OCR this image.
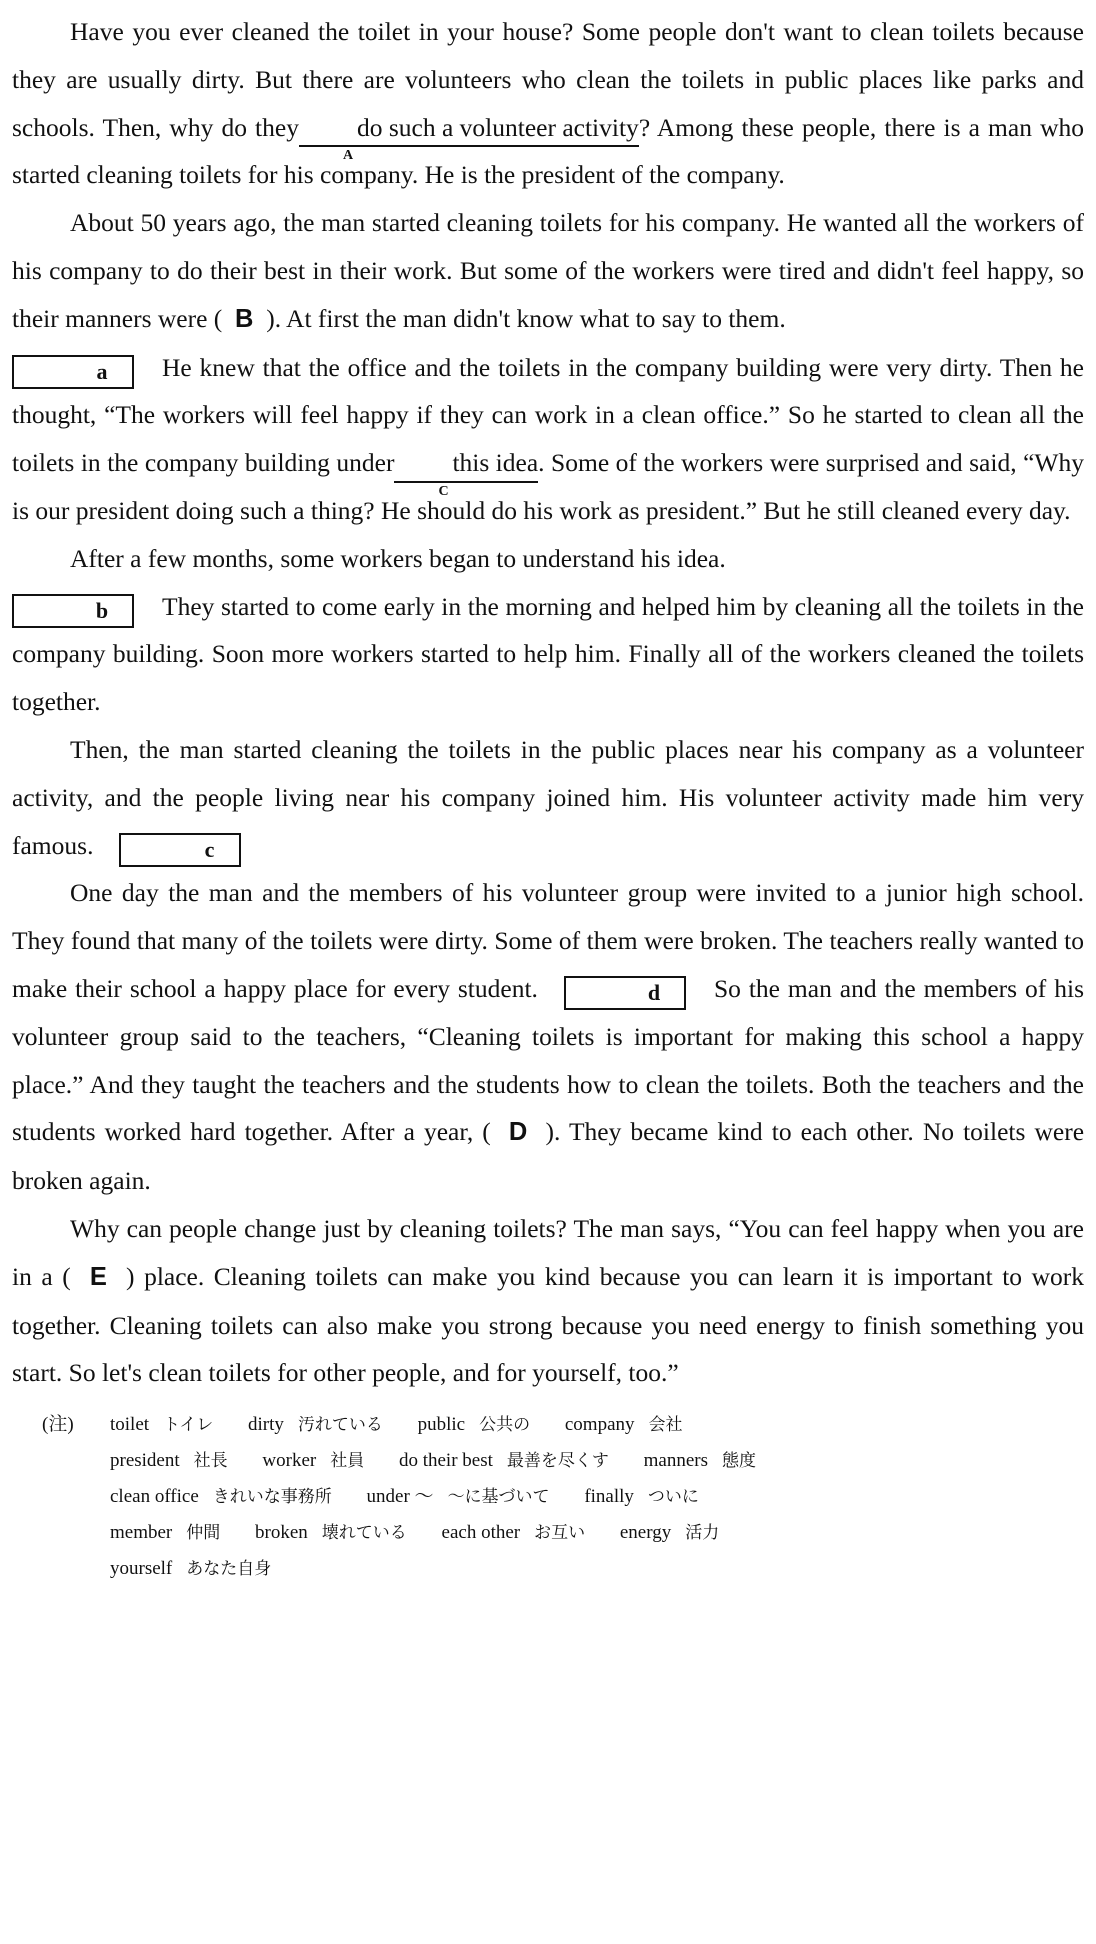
Have you ever cleaned the toilet in your house? Some people don't want to clean toilets because they are usually dirty. But there are volunteers who clean the toilets in public places like parks and schools. Then, why do they
A
do such a volunteer activity? Among these people, there is a man who started cleaning toilets for his company. He is the president of the company.

About 50 years ago, the man started cleaning toilets for his company. He wanted all the workers of his company to do their best in their work. But some of the workers were tired and didn't feel happy, so their manners were ( B ). At first the man didn't know what to say to them.
a He knew that the office and the toilets in the company building were very dirty. Then he thought, “The workers will feel happy if they can work in a clean office.” So he started to clean all the toilets in the company building under
C
this idea. Some of the workers were surprised and said, “Why is our president doing such a thing? He should do his work as president.” But he still cleaned every day.

After a few months, some workers began to understand his idea.
b They started to come early in the morning and helped him by cleaning all the toilets in the company building. Soon more workers started to help him. Finally all of the workers cleaned the toilets together.

Then, the man started cleaning the toilets in the public places near his company as a volunteer activity, and the people living near his company joined him. His volunteer activity made him very famous.	c

One day the man and the members of his volunteer group were invited to a junior high school. They found that many of the toilets were dirty. Some of them were broken. The teachers really wanted to make their school a happy place for every student.	d So the man and the members of his volunteer group said to the teachers, “Cleaning toilets is important for making this school a happy place.” And they taught the teachers and the students how to clean the toilets. Both the teachers and the students worked hard together. After a year, ( D ). They became kind to each other. No toilets were broken again.

Why can people change just by cleaning toilets? The man says, “You can feel happy when you are in a ( E ) place. Cleaning toilets can make you kind because you can learn it is important to work together. Cleaning toilets can also make you strong because you need energy to finish something you start. So let's clean toilets for other people, and for yourself, too.”

(注) toilet トイレ dirty 汚れている public 公共の company 会社
president 社長 worker 社員 do their best 最善を尽くす manners 態度
clean office きれいな事務所 under ～ ～に基づいて finally ついに
member 仲間 broken 壊れている each other お互い energy 活力
yourself あなた自身
